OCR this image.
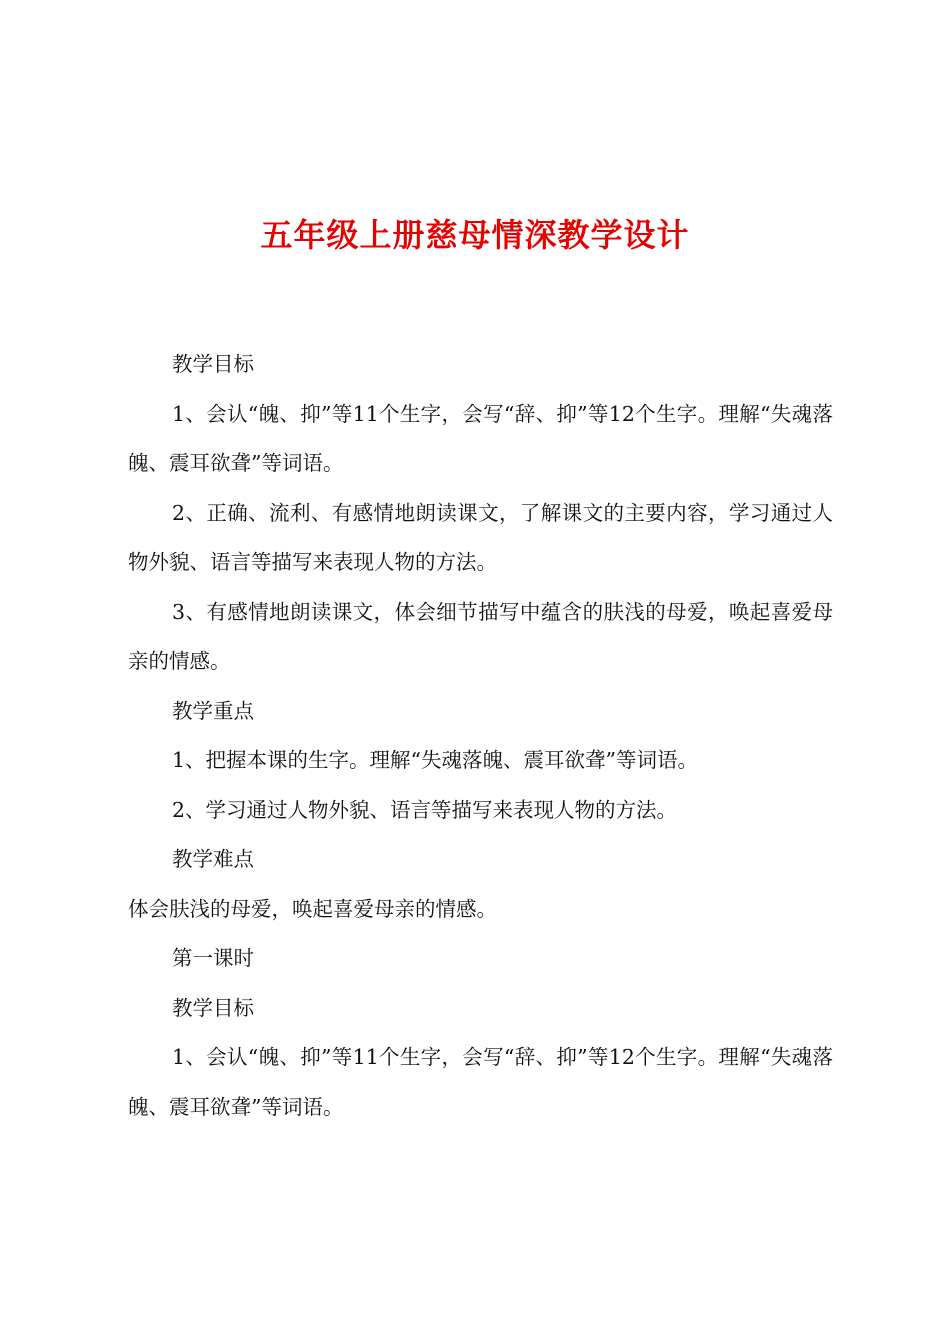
五年级上册慈母情深教学设计

教学目标

1、会认“魄、抑”等11个生字，会写“辞、抑”等12个生字。理解“失魂落魄、震耳欲聋”等词语。

2、正确、流利、有感情地朗读课文，了解课文的主要内容，学习通过人物外貌、语言等描写来表现人物的方法。

3、有感情地朗读课文，体会细节描写中蕴含的肤浅的母爱，唤起喜爱母亲的情感。

教学重点

1、把握本课的生字。理解“失魂落魄、震耳欲聋”等词语。

2、学习通过人物外貌、语言等描写来表现人物的方法。

教学难点

体会肤浅的母爱，唤起喜爱母亲的情感。

第一课时

教学目标

1、会认“魄、抑”等11个生字，会写“辞、抑”等12个生字。理解“失魂落魄、震耳欲聋”等词语。
